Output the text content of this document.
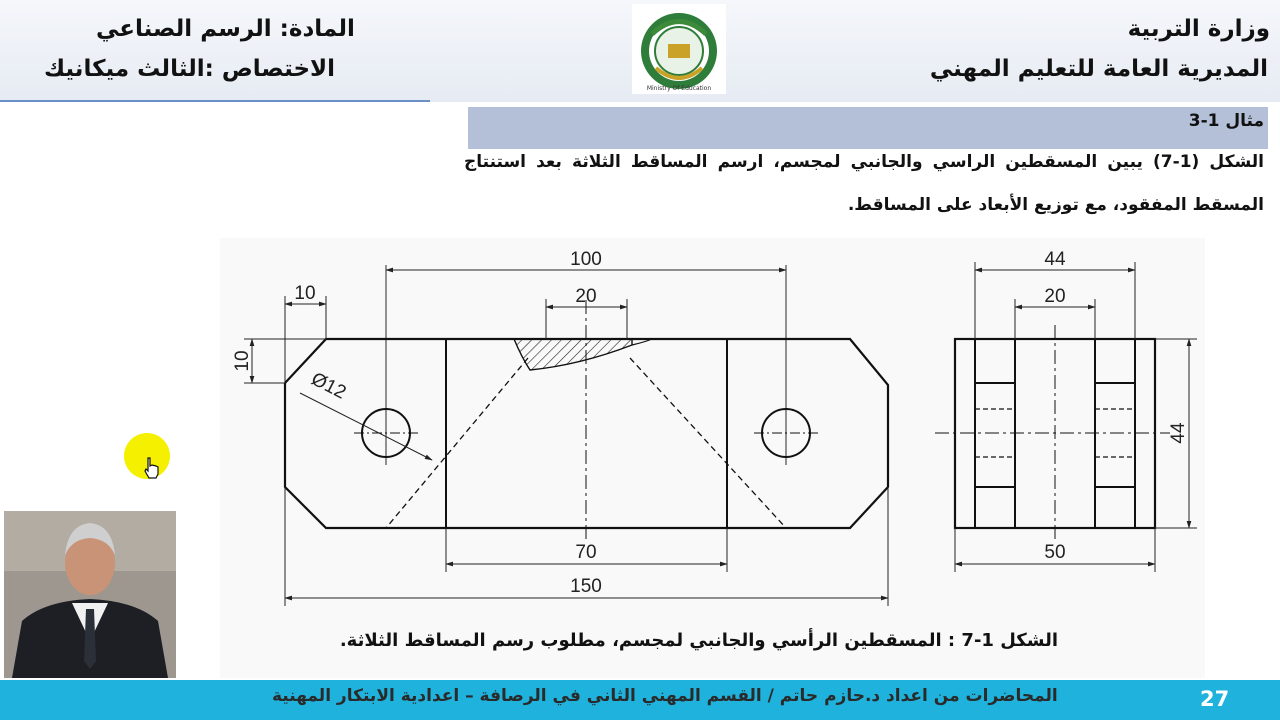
وزارة التربية
المديرية العامة للتعليم المهني
المادة: الرسم الصناعي
الاختصاص :الثالث ميكانيك
Ministry Of Education
مثال 1-3
الشكل (1-7) يبين المسقطين الراسي والجانبي لمجسم، ارسم المساقط الثلاثة بعد استنتاج
المسقط المفقود، مع توزيع الأبعاد على المساقط.
100
10	20
10
Ø12
70
150
44
20
44
50
الشكل 1-7 : المسقطين الرأسي والجانبي لمجسم، مطلوب رسم المساقط الثلاثة.
المحاضرات من اعداد د.حازم حاتم / القسم المهني الثاني في الرصافة – اعدادية الابتكار المهنية	27
